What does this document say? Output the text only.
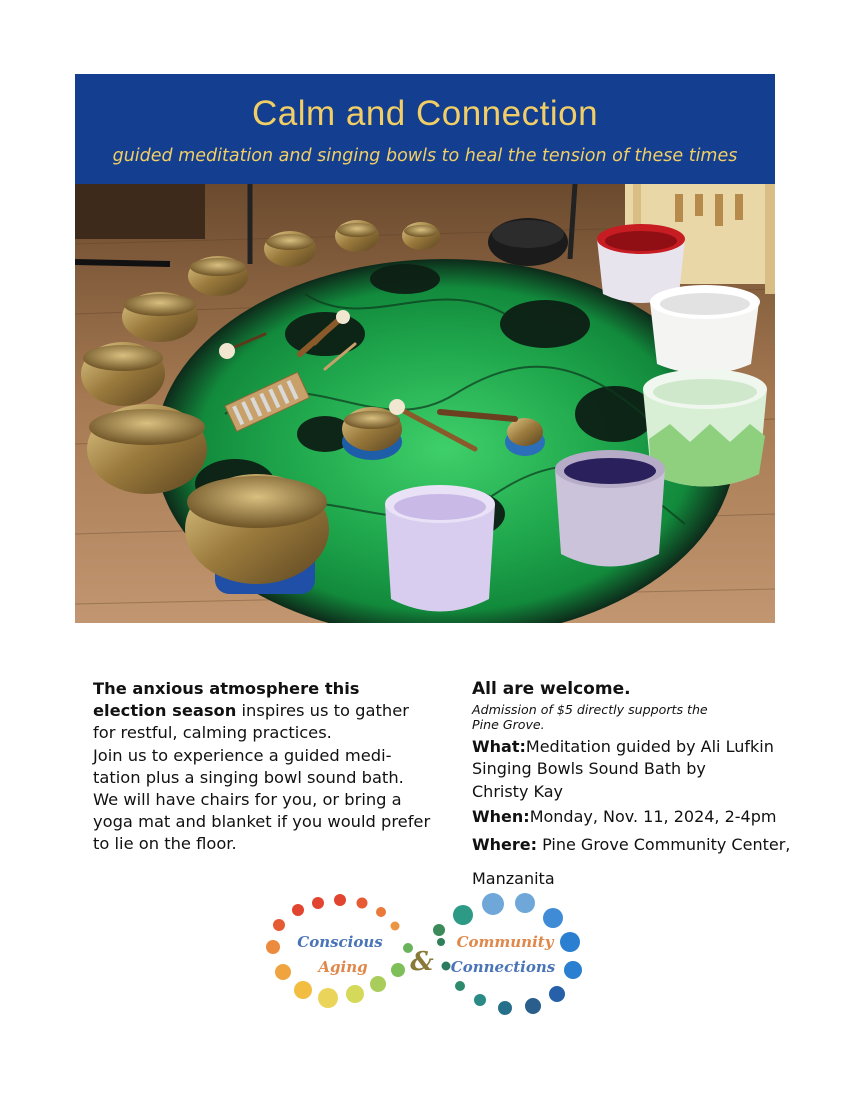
Calm and Connection
guided meditation and singing bowls to heal the tension of these times
The anxious atmosphere this election season inspires us to gather for restful, calming practices.
Join us to experience a guided medi-tation plus a singing bowl sound bath.
We will have chairs for you, or bring a yoga mat and blanket if you would prefer to lie on the floor.
All are welcome.
Admission of $5 directly supports the Pine Grove.
What:Meditation guided by Ali Lufkin
Singing Bowls Sound Bath by
Christy Kay
When:Monday, Nov. 11, 2024, 2-4pm
Where: Pine Grove Community Center,
Manzanita
Conscious
Aging &
Community
Connections
